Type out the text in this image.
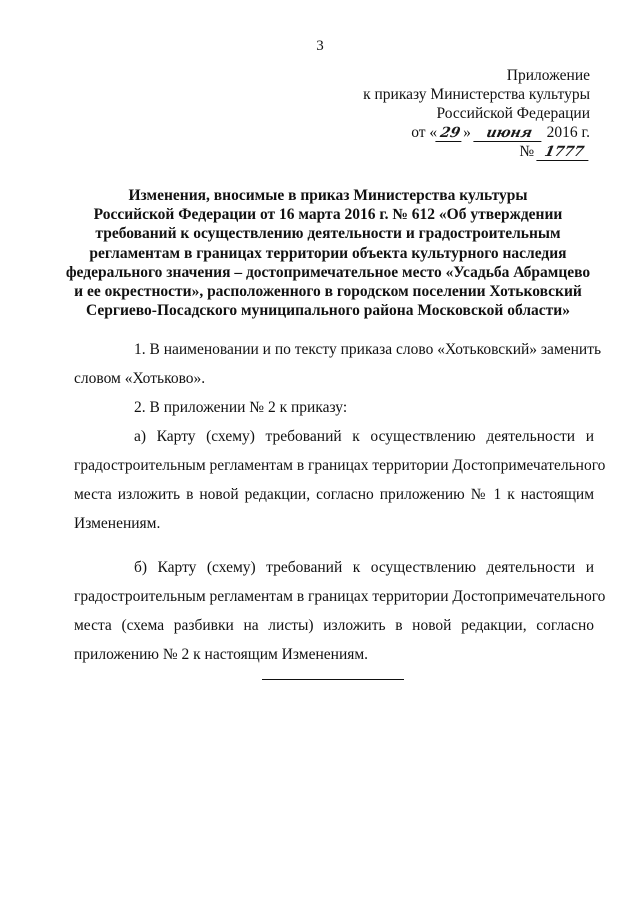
3
Приложение
к приказу Министерства культуры
Российской Федерации
от « 29» июня 2016 г.
№ 1777
Изменения, вносимые в приказ Министерства культуры
Российской Федерации от 16 марта 2016 г. № 612 «Об утверждении
требований к осуществлению деятельности и градостроительным
регламентам в границах территории объекта культурного наследия
федерального значения – достопримечательное место «Усадьба Абрамцево
и ее окрестности», расположенного в городском поселении Хотьковский
Сергиево-Посадского муниципального района Московской области»
1. В наименовании и по тексту приказа слово «Хотьковский» заменить
словом «Хотьково».
2. В приложении № 2 к приказу:
а) Карту (схему) требований к осуществлению деятельности и
градостроительным регламентам в границах территории Достопримечательного
места изложить в новой редакции, согласно приложению № 1 к настоящим
Изменениям.
б) Карту (схему) требований к осуществлению деятельности и
градостроительным регламентам в границах территории Достопримечательного
места (схема разбивки на листы) изложить в новой редакции, согласно
приложению № 2 к настоящим Изменениям.
